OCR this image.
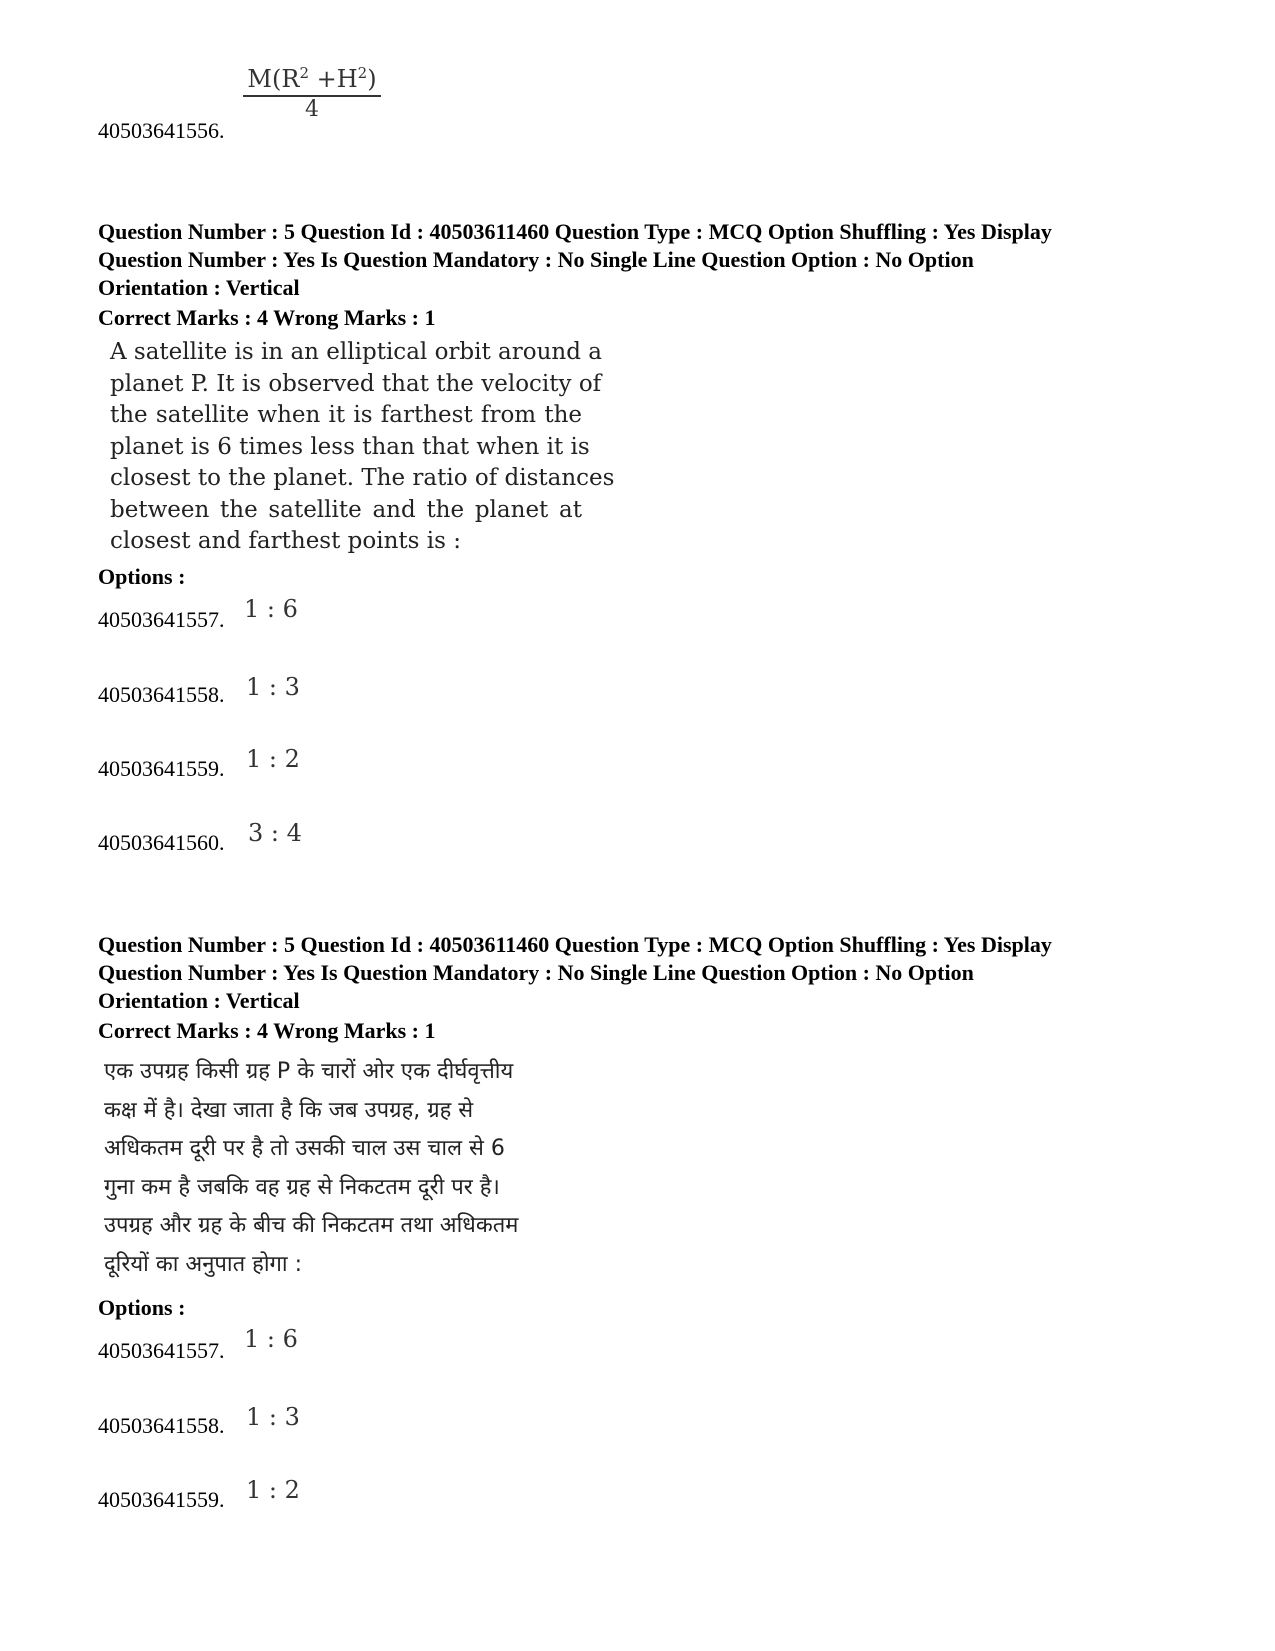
$\frac{M(R^2 +H^2)}{4}$
40503641556.
Question Number : 5 Question Id : 40503611460 Question Type : MCQ Option Shuffling : Yes Display
Question Number : Yes Is Question Mandatory : No Single Line Question Option : No Option
Orientation : Vertical
Correct Marks : 4 Wrong Marks : 1
A satellite is in an elliptical orbit around a
planet P. It is observed that the velocity of
the satellite when it is farthest from the
planet is 6 times less than that when it is
closest to the planet. The ratio of distances
between the satellite and the planet at
closest and farthest points is :
Options :
1 : 6
40503641557.
1 : 3
40503641558.
1 : 2
40503641559.
3 : 4
40503641560.
Question Number : 5 Question Id : 40503611460 Question Type : MCQ Option Shuffling : Yes Display
Question Number : Yes Is Question Mandatory : No Single Line Question Option : No Option
Orientation : Vertical
Correct Marks : 4 Wrong Marks : 1
एक उपग्रह किसी ग्रह P के चारों ओर एक दीर्घवृत्तीय
कक्ष में है। देखा जाता है कि जब उपग्रह, ग्रह से
अधिकतम दूरी पर है तो उसकी चाल उस चाल से 6
गुना कम है जबकि वह ग्रह से निकटतम दूरी पर है।
उपग्रह और ग्रह के बीच की निकटतम तथा अधिकतम
दूरियों का अनुपात होगा :
Options :
1 : 6
40503641557.
1 : 3
40503641558.
1 : 2
40503641559.
